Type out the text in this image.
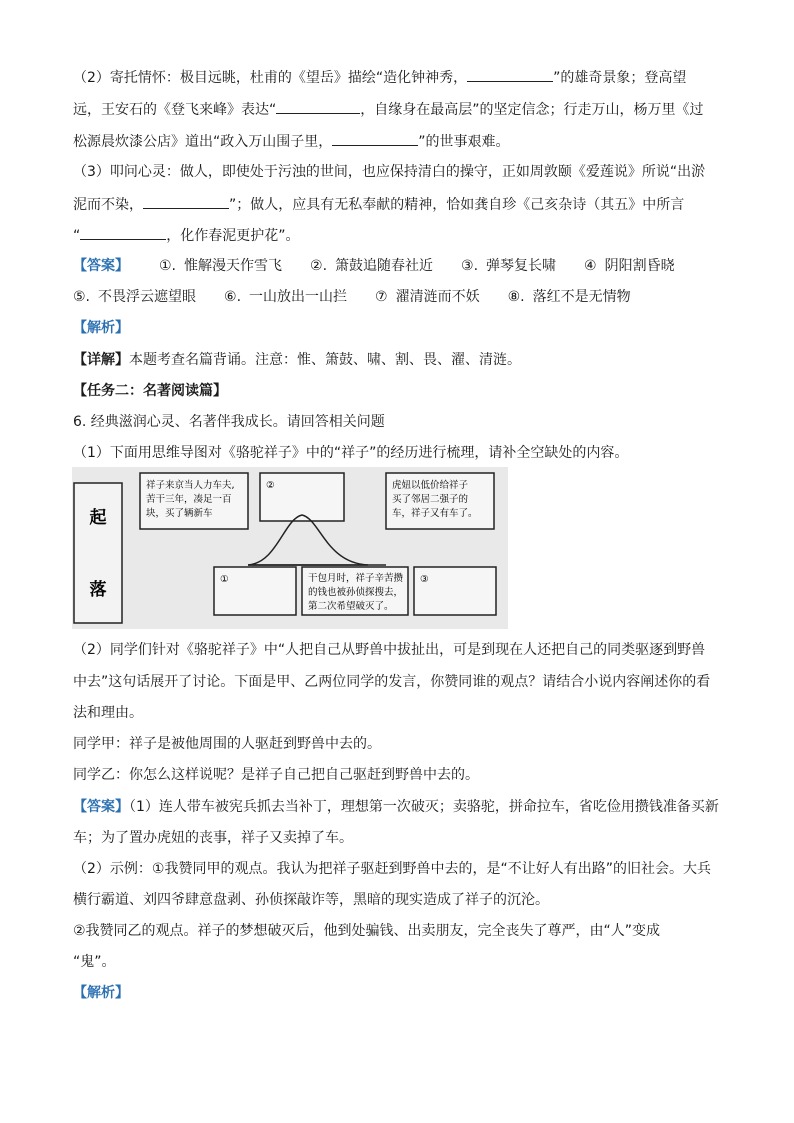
（2）寄托情怀：极目远眺，杜甫的《望岳》描绘“造化钟神秀，	”的雄奇景象；登高望
远，王安石的《登飞来峰》表达“	，自缘身在最高层”的坚定信念；行走万山，杨万里《过
松源晨炊漆公店》道出“政入万山围子里，	”的世事艰难。
（3）叩问心灵：做人，即使处于污浊的世间，也应保持清白的操守，正如周敦颐《爱莲说》所说“出淤
泥而不染，	”；做人，应具有无私奉献的精神，恰如龚自珍《己亥杂诗（其五》中所言
“	，化作春泥更护花”。
【答案】 ①. 惟解漫天作雪飞 ②. 箫鼓追随春社近 ③. 弹琴复长啸 ④ 阴阳割昏晓
⑤. 不畏浮云遮望眼 ⑥. 一山放出一山拦 ⑦ 濯清涟而不妖 ⑧. 落红不是无情物
【解析】
【详解】本题考查名篇背诵。注意：惟、箫鼓、啸、割、畏、濯、清涟。
【任务二：名著阅读篇】
6. 经典滋润心灵、名著伴我成长。请回答相关问题
（1）下面用思维导图对《骆驼祥子》中的“祥子”的经历进行梳理，请补全空缺处的内容。
起
落
祥子来京当人力车夫,
苦干三年，凑足一百
块，买了辆新车
②	虎妞以低价给祥子
买了邻居二强子的
车，祥子又有车了。
①	干包月时，祥子辛苦攒
的钱也被孙侦探搜去，
第二次希望破灭了。
③
（2）同学们针对《骆驼祥子》中“人把自己从野兽中拔扯出，可是到现在人还把自己的同类驱逐到野兽
中去”这句话展开了讨论。下面是甲、乙两位同学的发言，你赞同谁的观点？请结合小说内容阐述你的看
法和理由。
同学甲：祥子是被他周围的人驱赶到野兽中去的。
同学乙：你怎么这样说呢？是祥子自己把自己驱赶到野兽中去的。
【答案】（1）连人带车被宪兵抓去当补丁，理想第一次破灭；卖骆驼，拼命拉车，省吃俭用攒钱准备买新
车；为了置办虎妞的丧事，祥子又卖掉了车。
（2）示例：①我赞同甲的观点。我认为把祥子驱赶到野兽中去的，是“不让好人有出路”的旧社会。大兵
横行霸道、刘四爷肆意盘剥、孙侦探敲诈等，黑暗的现实造成了祥子的沉沦。
②我赞同乙的观点。祥子的梦想破灭后，他到处骗钱、出卖朋友，完全丧失了尊严，由“人”变成
“鬼”。
【解析】
